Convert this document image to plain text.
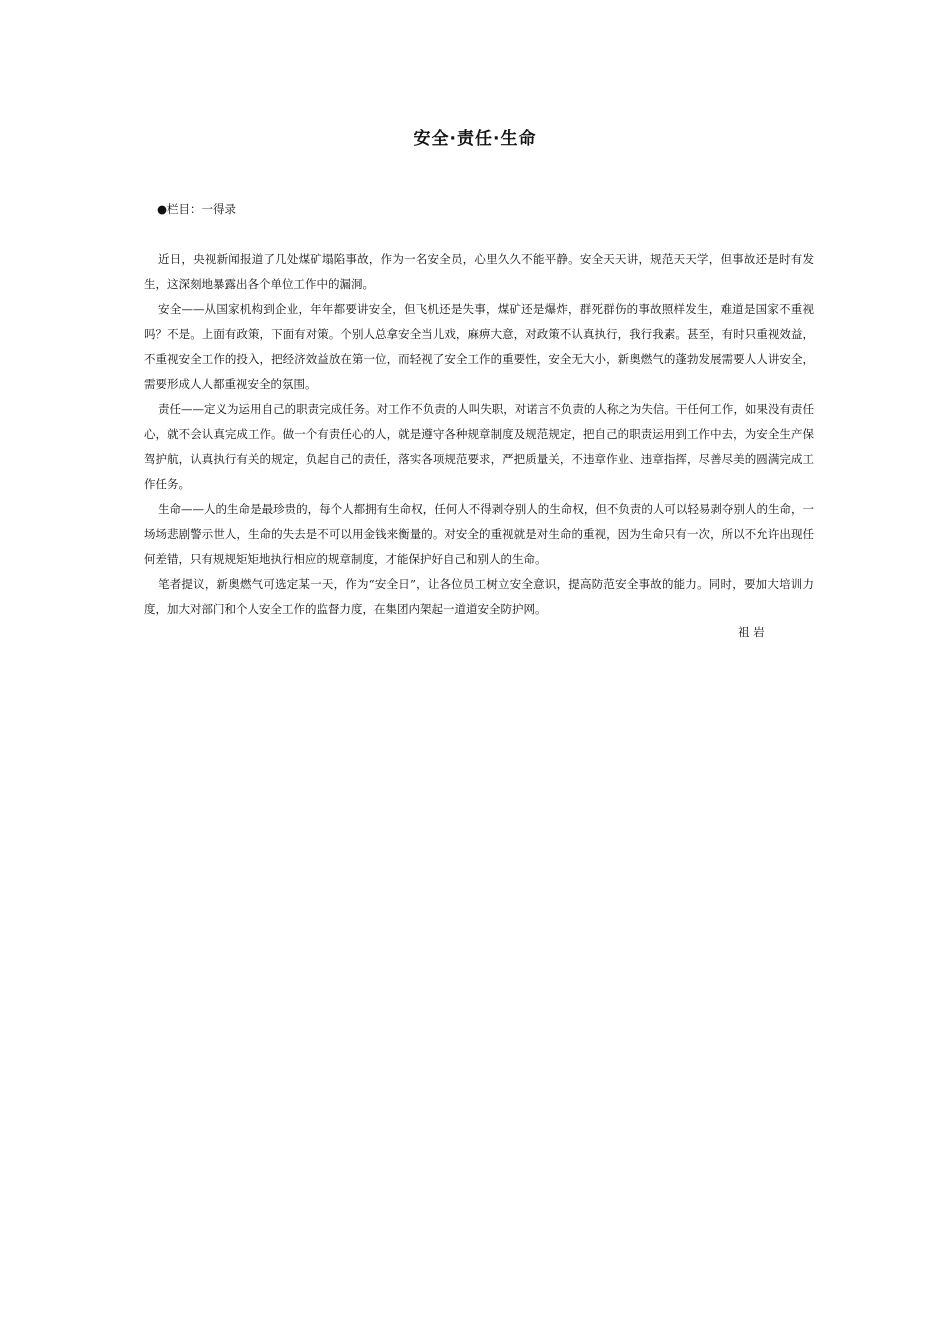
安全·责任·生命

●栏目：一得录

近日，央视新闻报道了几处煤矿塌陷事故，作为一名安全员，心里久久不能平静。安全天天讲，规范天天学，但事故还是时有发生，这深刻地暴露出各个单位工作中的漏洞。

安全——从国家机构到企业，年年都要讲安全，但飞机还是失事，煤矿还是爆炸，群死群伤的事故照样发生，难道是国家不重视吗？不是。上面有政策，下面有对策。个别人总拿安全当儿戏，麻痹大意，对政策不认真执行，我行我素。甚至，有时只重视效益，不重视安全工作的投入，把经济效益放在第一位，而轻视了安全工作的重要性，安全无大小，新奥燃气的蓬勃发展需要人人讲安全，需要形成人人都重视安全的氛围。

责任——定义为运用自己的职责完成任务。对工作不负责的人叫失职，对诺言不负责的人称之为失信。干任何工作，如果没有责任心，就不会认真完成工作。做一个有责任心的人，就是遵守各种规章制度及规范规定，把自己的职责运用到工作中去，为安全生产保驾护航，认真执行有关的规定，负起自己的责任，落实各项规范要求，严把质量关，不违章作业、违章指挥，尽善尽美的圆满完成工作任务。

生命——人的生命是最珍贵的，每个人都拥有生命权，任何人不得剥夺别人的生命权，但不负责的人可以轻易剥夺别人的生命，一场场悲剧警示世人，生命的失去是不可以用金钱来衡量的。对安全的重视就是对生命的重视，因为生命只有一次，所以不允许出现任何差错，只有规规矩矩地执行相应的规章制度，才能保护好自己和别人的生命。

笔者提议，新奥燃气可选定某一天，作为“安全日”，让各位员工树立安全意识，提高防范安全事故的能力。同时，要加大培训力度，加大对部门和个人安全工作的监督力度，在集团内架起一道道安全防护网。

祖 岩
